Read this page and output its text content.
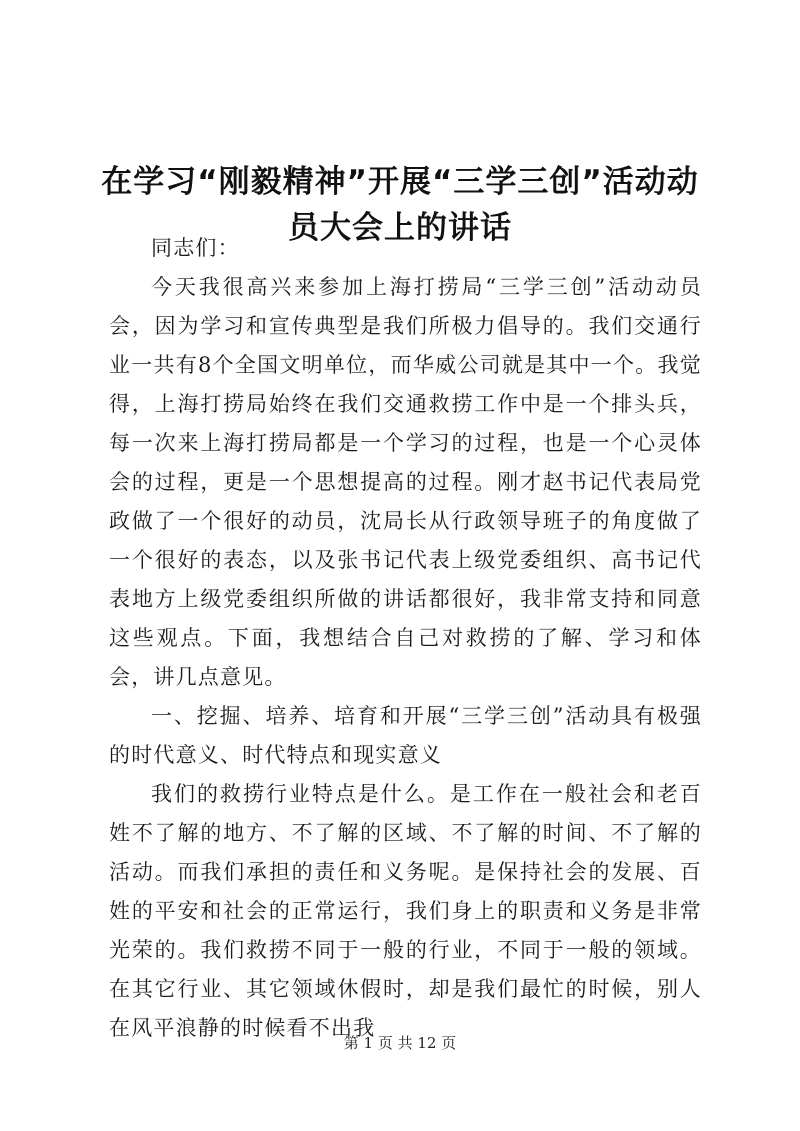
在学习“刚毅精神”开展“三学三创”活动动员大会上的讲话

同志们：

今天我很高兴来参加上海打捞局“三学三创”活动动员会，因为学习和宣传典型是我们所极力倡导的。我们交通行业一共有8个全国文明单位，而华威公司就是其中一个。我觉得，上海打捞局始终在我们交通救捞工作中是一个排头兵，每一次来上海打捞局都是一个学习的过程，也是一个心灵体会的过程，更是一个思想提高的过程。刚才赵书记代表局党政做了一个很好的动员，沈局长从行政领导班子的角度做了一个很好的表态，以及张书记代表上级党委组织、高书记代表地方上级党委组织所做的讲话都很好，我非常支持和同意这些观点。下面，我想结合自己对救捞的了解、学习和体会，讲几点意见。

一、挖掘、培养、培育和开展“三学三创”活动具有极强的时代意义、时代特点和现实意义

我们的救捞行业特点是什么。是工作在一般社会和老百姓不了解的地方、不了解的区域、不了解的时间、不了解的活动。而我们承担的责任和义务呢。是保持社会的发展、百姓的平安和社会的正常运行，我们身上的职责和义务是非常光荣的。我们救捞不同于一般的行业，不同于一般的领域。在其它行业、其它领域休假时，却是我们最忙的时候，别人在风平浪静的时候看不出我

第 1 页 共 12 页
